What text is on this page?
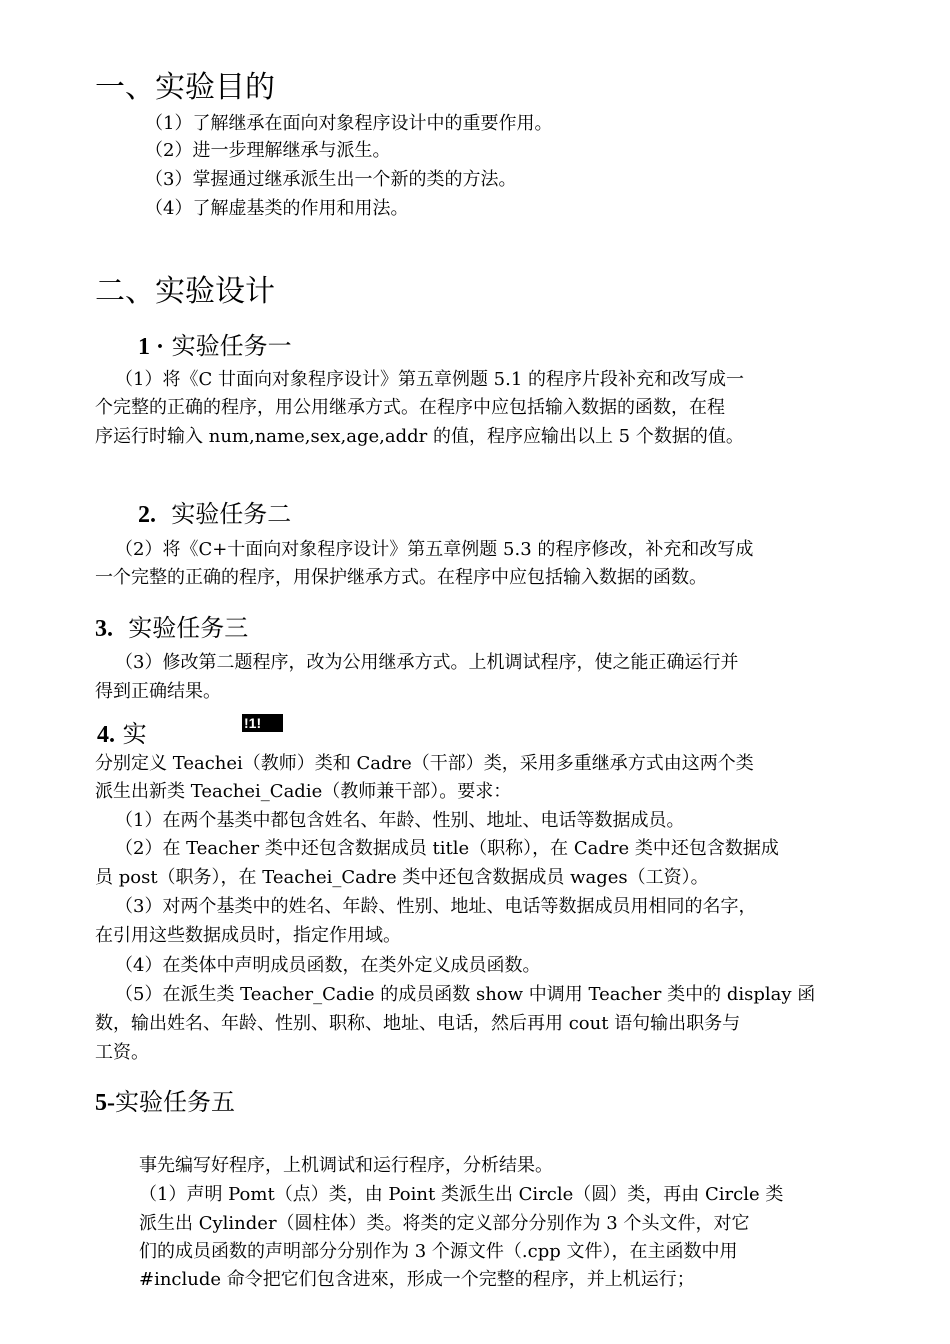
一、实验目的
（1）了解继承在面向对象程序设计中的重要作用。
（2）进一步理解继承与派生。
（3）掌握通过继承派生出一个新的类的方法。
（4）了解虚基类的作用和用法。
二、实验设计
1 · 实验任务一
（1）将《C 廿面向对象程序设计》第五章例题 5.1 的程序片段补充和改写成一
个完整的正确的程序，用公用继承方式。在程序中应包括输入数据的函数，在程
序运行时输入 num,name,sex,age,addr 的值，程序应输出以上 5 个数据的值。
2. 实验任务二
（2）将《C+十面向对象程序设计》第五章例题 5.3 的程序修改，补充和改写成
一个完整的正确的程序，用保护继承方式。在程序中应包括输入数据的函数。
3. 实验任务三
（3）修改第二题程序，改为公用继承方式。上机调试程序，使之能正确运行并
得到正确结果。
4. 实	!1!
分别定义 Teachei（教师）类和 Cadre（干部）类，采用多重继承方式由这两个类
派生出新类 Teachei_Cadie（教师兼干部）。要求：
（1）在两个基类中都包含姓名、年龄、性别、地址、电话等数据成员。
（2）在 Teacher 类中还包含数据成员 title（职称），在 Cadre 类中还包含数据成
员 post（职务），在 Teachei_Cadre 类中还包含数据成员 wages（工资）。
（3）对两个基类中的姓名、年龄、性别、地址、电话等数据成员用相同的名字，
在引用这些数据成员时，指定作用域。
（4）在类体中声明成员函数，在类外定义成员函数。
（5）在派生类 Teacher_Cadie 的成员函数 show 中调用 Teacher 类中的 display 函
数，输出姓名、年龄、性别、职称、地址、电话，然后再用 cout 语句输出职务与
工资。
5-实验任务五
事先编写好程序，上机调试和运行程序，分析结果。
（1）声明 Pomt（点）类，由 Point 类派生出 Circle（圆）类，再由 Circle 类
派生出 Cylinder（圆柱体）类。将类的定义部分分别作为 3 个头文件，对它
们的成员函数的声明部分分别作为 3 个源文件（.cpp 文件），在主函数中用
#include 命令把它们包含进來，形成一个完整的程序，并上机运行；
